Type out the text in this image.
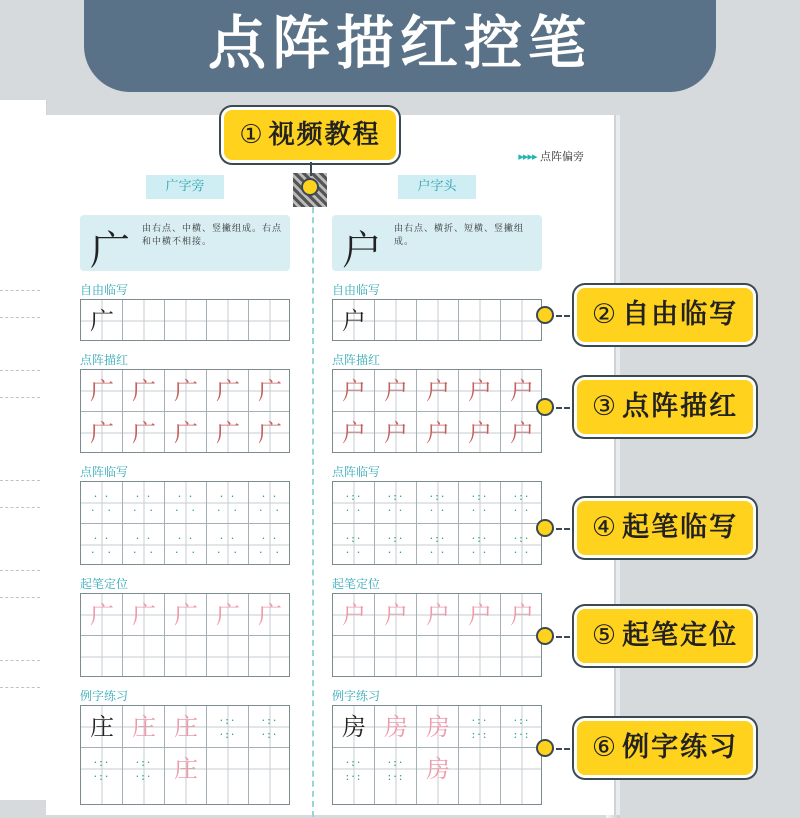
点阵描红控笔
▸▸▸▸ 点阵偏旁
广字旁
广 由右点、中横、竖撇组成。右点和中横不相接。
自由临写
广
点阵描红
广 广 广 广 广
广 广 广 广 广
点阵临写
· ·
·  ·
· ·
·  ·
· ·
·  ·
· ·
·  ·
· ·
·  ·
· ·
·  ·
· ·
·  ·
· ·
·  ·
· ·
·  ·
· ·
·  ·
起笔定位
广 广 广 广 广
例字练习
庄 庄 庄	·:·
·:·
·:·
·:·
·:·
·:·
·:·
·:· 庄
户字头
户 由右点、横折、短横、竖撇组成。
自由临写
户
点阵描红
户 户 户 户 户
户 户 户 户 户
点阵临写
·:·
· ·
·:·
· ·
·:·
· ·
·:·
· ·
·:·
· ·
·:·
· ·
·:·
· ·
·:·
· ·
·:·
· ·
·:·
· ·
起笔定位
户 户 户 户 户
例字练习
房 房 房	·:·
:·:
·:·
:·:
·:·
:·:
·:·
:·: 房
① 视频教程
② 自由临写
③ 点阵描红
④ 起笔临写
⑤ 起笔定位
⑥ 例字练习
